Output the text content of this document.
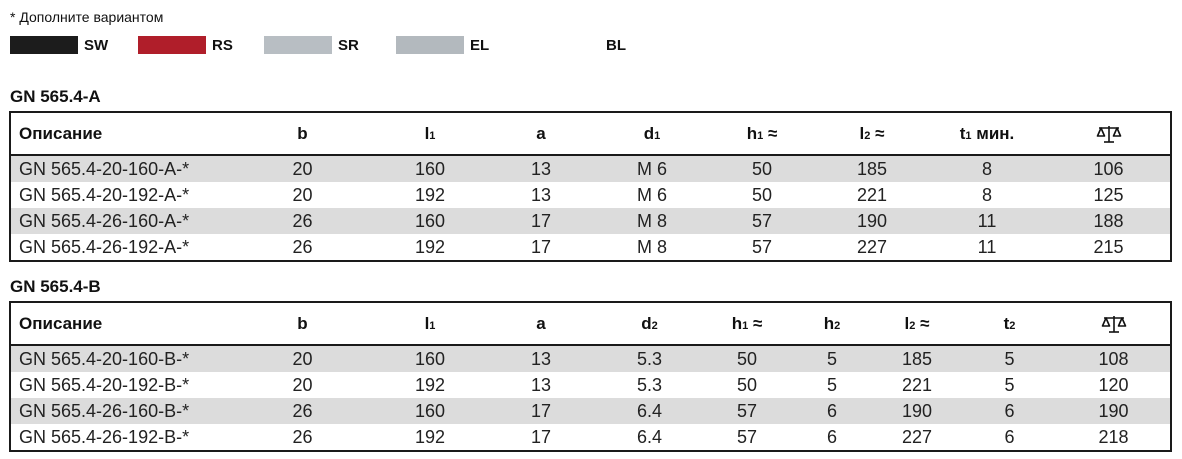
* Дополните вариантом
SW	RS	SR	EL	BL
GN 565.4-A
Описание	b	l1	a	d1	h1 ≈	l2 ≈	t1 мин.	
GN 565.4-20-160-A-*	20	160	13	M 6	50	185	8	106
GN 565.4-20-192-A-*	20	192	13	M 6	50	221	8	125
GN 565.4-26-160-A-*	26	160	17	M 8	57	190	11	188
GN 565.4-26-192-A-*	26	192	17	M 8	57	227	11	215
GN 565.4-B
Описание	b	l1	a	d2	h1 ≈	h2	l2 ≈	t2	
GN 565.4-20-160-B-*	20	160	13	5.3	50	5	185	5	108
GN 565.4-20-192-B-*	20	192	13	5.3	50	5	221	5	120
GN 565.4-26-160-B-*	26	160	17	6.4	57	6	190	6	190
GN 565.4-26-192-B-*	26	192	17	6.4	57	6	227	6	218
